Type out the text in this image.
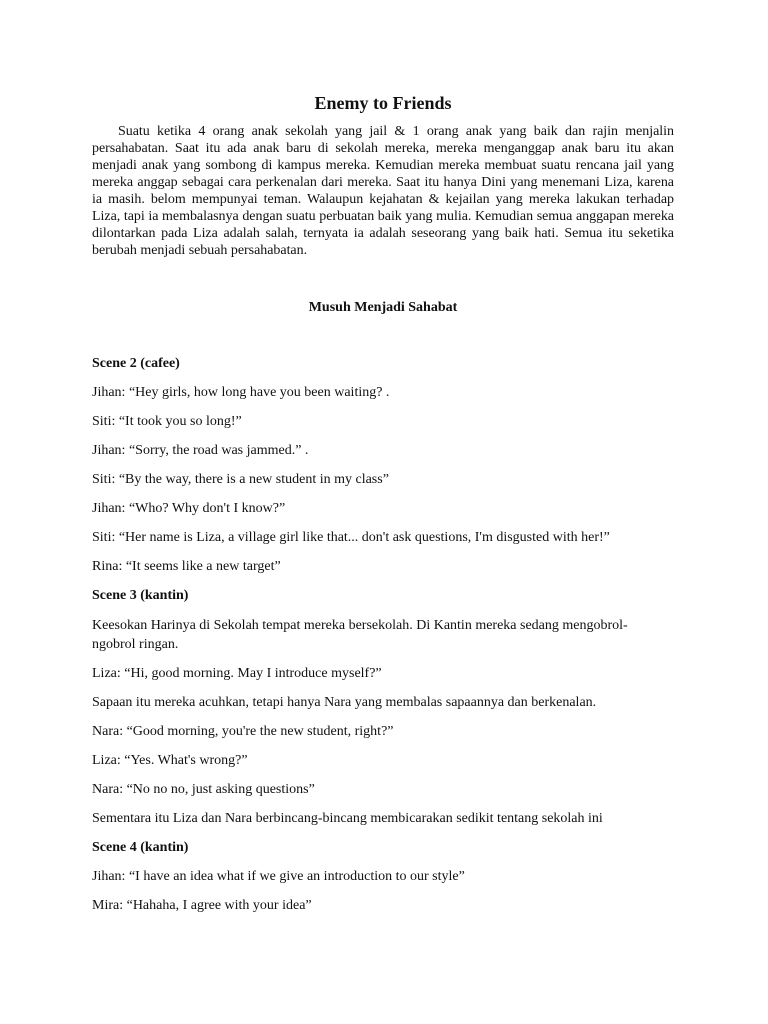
Enemy to Friends

Suatu ketika 4 orang anak sekolah yang jail & 1 orang anak yang baik dan rajin menjalin persahabatan. Saat itu ada anak baru di sekolah mereka, mereka menganggap anak baru itu akan menjadi anak yang sombong di kampus mereka. Kemudian mereka membuat suatu rencana jail yang mereka anggap sebagai cara perkenalan dari mereka. Saat itu hanya Dini yang menemani Liza, karena ia masih. belom mempunyai teman. Walaupun kejahatan & kejailan yang mereka lakukan terhadap Liza, tapi ia membalasnya dengan suatu perbuatan baik yang mulia. Kemudian semua anggapan mereka dilontarkan pada Liza adalah salah, ternyata ia adalah seseorang yang baik hati. Semua itu seketika berubah menjadi sebuah persahabatan.

Musuh Menjadi Sahabat

Scene 2 (cafee)

Jihan: “Hey girls, how long have you been waiting? .

Siti: “It took you so long!”

Jihan: “Sorry, the road was jammed.” .

Siti: “By the way, there is a new student in my class”

Jihan: “Who? Why don't I know?”

Siti: “Her name is Liza, a village girl like that... don't ask questions, I'm disgusted with her!”

Rina: “It seems like a new target”

Scene 3 (kantin)

Keesokan Harinya di Sekolah tempat mereka bersekolah. Di Kantin mereka sedang mengobrol-ngobrol ringan.

Liza: “Hi, good morning. May I introduce myself?”

Sapaan itu mereka acuhkan, tetapi hanya Nara yang membalas sapaannya dan berkenalan.

Nara: “Good morning, you're the new student, right?”

Liza: “Yes. What's wrong?”

Nara: “No no no, just asking questions”

Sementara itu Liza dan Nara berbincang-bincang membicarakan sedikit tentang sekolah ini

Scene 4 (kantin)

Jihan: “I have an idea what if we give an introduction to our style”

Mira: “Hahaha, I agree with your idea”
